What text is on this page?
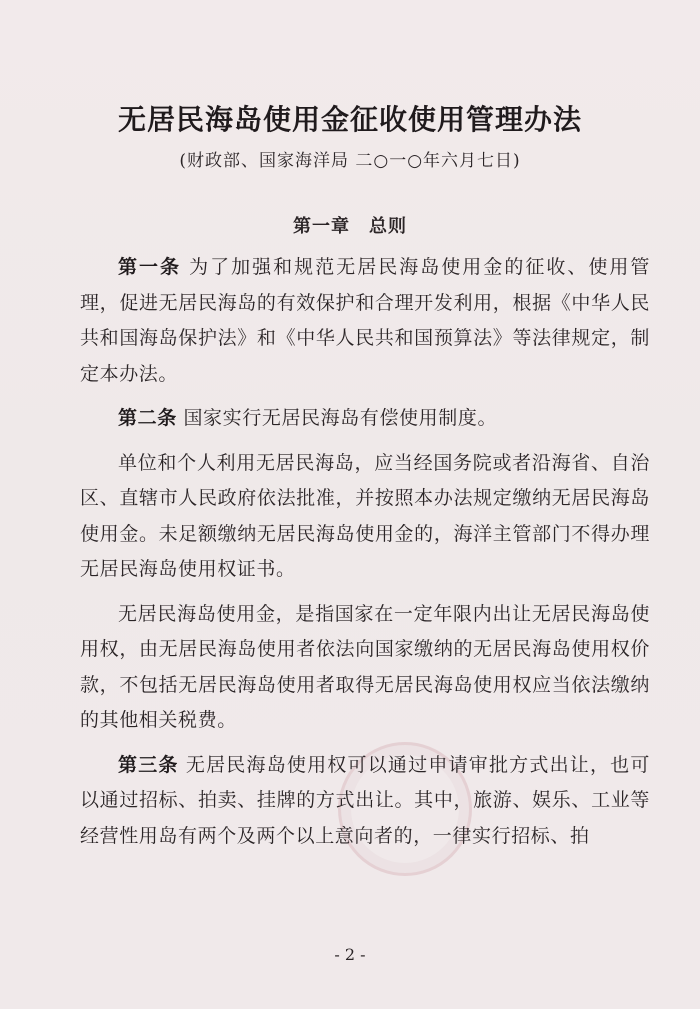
无居民海岛使用金征收使用管理办法
(财政部、国家海洋局 二○一○年六月七日)
第一章　总则

第一条 为了加强和规范无居民海岛使用金的征收、使用管理，促进无居民海岛的有效保护和合理开发利用，根据《中华人民共和国海岛保护法》和《中华人民共和国预算法》等法律规定，制定本办法。

第二条 国家实行无居民海岛有偿使用制度。

单位和个人利用无居民海岛，应当经国务院或者沿海省、自治区、直辖市人民政府依法批准，并按照本办法规定缴纳无居民海岛使用金。未足额缴纳无居民海岛使用金的，海洋主管部门不得办理无居民海岛使用权证书。

无居民海岛使用金，是指国家在一定年限内出让无居民海岛使用权，由无居民海岛使用者依法向国家缴纳的无居民海岛使用权价款，不包括无居民海岛使用者取得无居民海岛使用权应当依法缴纳的其他相关税费。

第三条 无居民海岛使用权可以通过申请审批方式出让，也可以通过招标、拍卖、挂牌的方式出让。其中，旅游、娱乐、工业等经营性用岛有两个及两个以上意向者的，一律实行招标、拍

- 2 -
